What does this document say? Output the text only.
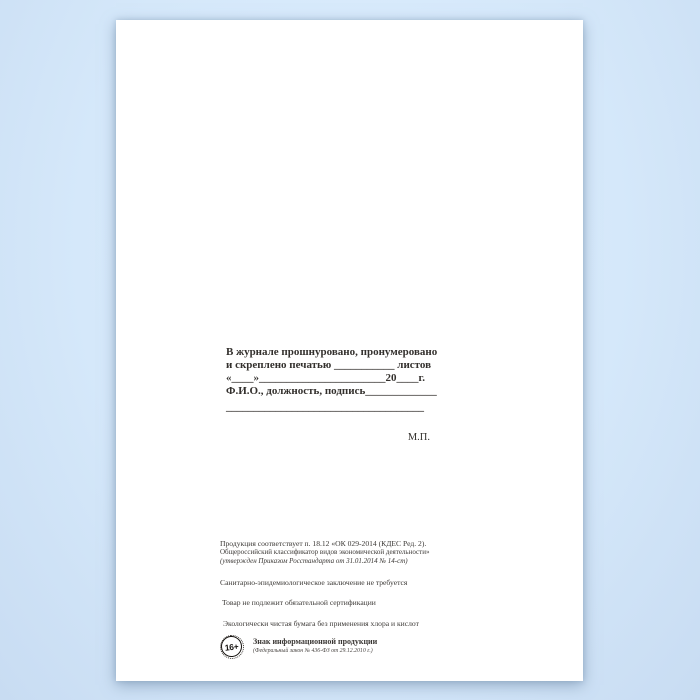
В журнале прошнуровано, пронумеровано
и скреплено печатью ___________ листов
«____»_______________________20____г.
Ф.И.О., должность, подпись_____________
____________________________________
М.П.
Продукция соответствует п. 18.12 «ОК 029-2014 (КДЕС Ред. 2).
Общероссийский классификатор видов экономической деятельности»
(утвержден Приказом Росстандарта от 31.01.2014 № 14-ст)
Санитарно-эпидемиологическое заключение не требуется
Товар не подлежит обязательной сертификации
Экологически чистая бумага без применения хлора и кислот
16+	Знак информационной продукции
(Федеральный закон № 436-ФЗ от 29.12.2010 г.)
